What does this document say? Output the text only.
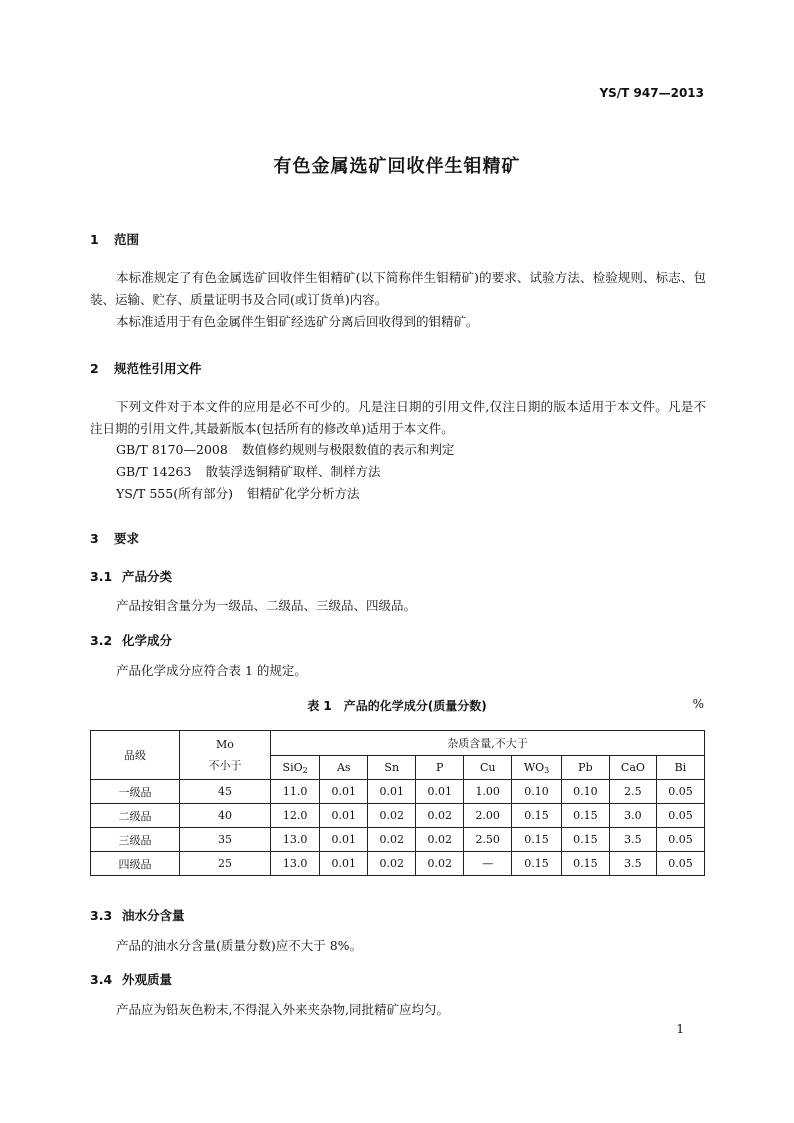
YS/T 947—2013
有色金属选矿回收伴生钼精矿
1 范围
本标准规定了有色金属选矿回收伴生钼精矿(以下简称伴生钼精矿)的要求、试验方法、检验规则、标志、包装、运输、贮存、质量证明书及合同(或订货单)内容。
本标准适用于有色金属伴生钼矿经选矿分离后回收得到的钼精矿。
2 规范性引用文件
下列文件对于本文件的应用是必不可少的。凡是注日期的引用文件,仅注日期的版本适用于本文件。凡是不注日期的引用文件,其最新版本(包括所有的修改单)适用于本文件。
GB/T 8170—2008 数值修约规则与极限数值的表示和判定
GB/T 14263 散装浮选铜精矿取样、制样方法
YS/T 555(所有部分) 钼精矿化学分析方法
3 要求
3.1 产品分类
产品按钼含量分为一级品、二级品、三级品、四级品。
3.2 化学成分
产品化学成分应符合表 1 的规定。
表 1　产品的化学成分(质量分数)	%
品级	Mo
不小于	杂质含量,不大于								
		SiO$_2$	As	Sn	P	Cu	$WO_3$	Pb	CaO	Bi
一级品	45	11.0	0.01	0.01	0.01	1.00	0.10	0.10	2.5	0.05
二级品	40	12.0	0.01	0.02	0.02	2.00	0.15	0.15	3.0	0.05
三级品	35	13.0	0.01	0.02	0.02	2.50	0.15	0.15	3.5	0.05
四级品	25	13.0	0.01	0.02	0.02	—	0.15	0.15	3.5	0.05
3.3 油水分含量
产品的油水分含量(质量分数)应不大于 8%。
3.4 外观质量
产品应为铅灰色粉末,不得混入外来夹杂物,同批精矿应均匀。
1
